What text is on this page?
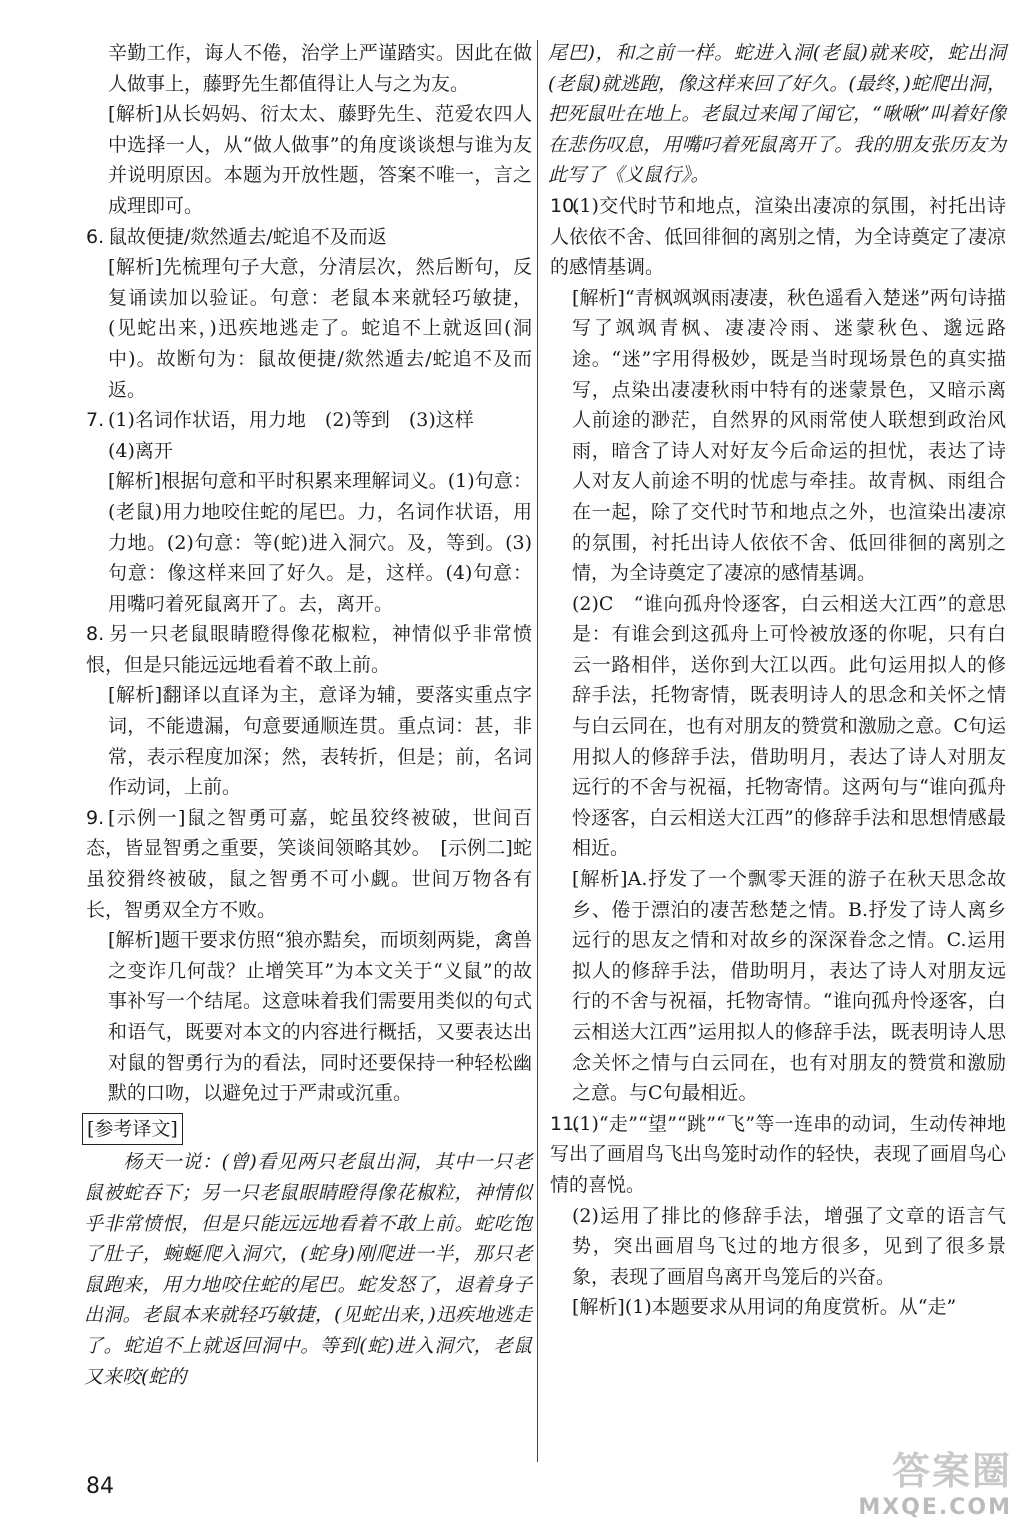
辛勤工作，诲人不倦，治学上严谨踏实。因此在做人做事上，藤野先生都值得让人与之为友。

[解析]从长妈妈、衍太太、藤野先生、范爱农四人中选择一人，从“做人做事”的角度谈谈想与谁为友并说明原因。本题为开放性题，答案不唯一，言之成理即可。

6. 鼠故便捷/欻然遁去/蛇追不及而返

[解析]先梳理句子大意，分清层次，然后断句，反复诵读加以验证。句意：老鼠本来就轻巧敏捷，(见蛇出来，)迅疾地逃走了。蛇追不上就返回(洞中)。故断句为：鼠故便捷/欻然遁去/蛇追不及而返。

7. (1)名词作状语，用力地　(2)等到　(3)这样

(4)离开

[解析]根据句意和平时积累来理解词义。(1)句意：(老鼠)用力地咬住蛇的尾巴。力，名词作状语，用力地。(2)句意：等(蛇)进入洞穴。及，等到。(3)句意：像这样来回了好久。是，这样。(4)句意：用嘴叼着死鼠离开了。去，离开。

8. 另一只老鼠眼睛瞪得像花椒粒，神情似乎非常愤恨，但是只能远远地看着不敢上前。

[解析]翻译以直译为主，意译为辅，要落实重点字词，不能遗漏，句意要通顺连贯。重点词：甚，非常，表示程度加深；然，表转折，但是；前，名词作动词，上前。

9. [示例一]鼠之智勇可嘉，蛇虽狡终被破，世间百态，皆显智勇之重要，笑谈间领略其妙。　[示例二]蛇虽狡猾终被破，鼠之智勇不可小觑。世间万物各有长，智勇双全方不败。

[解析]题干要求仿照“狼亦黠矣，而顷刻两毙，禽兽之变诈几何哉？止增笑耳”为本文关于“义鼠”的故事补写一个结尾。这意味着我们需要用类似的句式和语气，既要对本文的内容进行概括，又要表达出对鼠的智勇行为的看法，同时还要保持一种轻松幽默的口吻，以避免过于严肃或沉重。

[参考译文]

　　杨天一说：(曾)看见两只老鼠出洞，其中一只老鼠被蛇吞下；另一只老鼠眼睛瞪得像花椒粒，神情似乎非常愤恨，但是只能远远地看着不敢上前。蛇吃饱了肚子，蜿蜒爬入洞穴，(蛇身)刚爬进一半，那只老鼠跑来，用力地咬住蛇的尾巴。蛇发怒了，退着身子出洞。老鼠本来就轻巧敏捷，(见蛇出来，)迅疾地逃走了。蛇追不上就返回洞中。等到(蛇)进入洞穴，老鼠又来咬(蛇的

尾巴)，和之前一样。蛇进入洞(老鼠)就来咬，蛇出洞(老鼠)就逃跑，像这样来回了好久。(最终，)蛇爬出洞，把死鼠吐在地上。老鼠过来闻了闻它，“啾啾”叫着好像在悲伤叹息，用嘴叼着死鼠离开了。我的朋友张历友为此写了《义鼠行》。

10.(1)交代时节和地点，渲染出凄凉的氛围，衬托出诗人依依不舍、低回徘徊的离别之情，为全诗奠定了凄凉的感情基调。

[解析]“青枫飒飒雨凄凄，秋色遥看入楚迷”两句诗描写了飒飒青枫、凄凄冷雨、迷蒙秋色、邈远路途。“迷”字用得极妙，既是当时现场景色的真实描写，点染出凄凄秋雨中特有的迷蒙景色，又暗示离人前途的渺茫，自然界的风雨常使人联想到政治风雨，暗含了诗人对好友今后命运的担忧，表达了诗人对友人前途不明的忧虑与牵挂。故青枫、雨组合在一起，除了交代时节和地点之外，也渲染出凄凉的氛围，衬托出诗人依依不舍、低回徘徊的离别之情，为全诗奠定了凄凉的感情基调。

(2)C　“谁向孤舟怜逐客，白云相送大江西”的意思是：有谁会到这孤舟上可怜被放逐的你呢，只有白云一路相伴，送你到大江以西。此句运用拟人的修辞手法，托物寄情，既表明诗人的思念和关怀之情与白云同在，也有对朋友的赞赏和激励之意。C句运用拟人的修辞手法，借助明月，表达了诗人对朋友远行的不舍与祝福，托物寄情。这两句与“谁向孤舟怜逐客，白云相送大江西”的修辞手法和思想情感最相近。

[解析]A.抒发了一个飘零天涯的游子在秋天思念故乡、倦于漂泊的凄苦愁楚之情。B.抒发了诗人离乡远行的思友之情和对故乡的深深眷念之情。C.运用拟人的修辞手法，借助明月，表达了诗人对朋友远行的不舍与祝福，托物寄情。“谁向孤舟怜逐客，白云相送大江西”运用拟人的修辞手法，既表明诗人思念关怀之情与白云同在，也有对朋友的赞赏和激励之意。与C句最相近。

11.(1)“走”“望”“跳”“飞”等一连串的动词，生动传神地写出了画眉鸟飞出鸟笼时动作的轻快，表现了画眉鸟心情的喜悦。

(2)运用了排比的修辞手法，增强了文章的语言气势，突出画眉鸟飞过的地方很多，见到了很多景象，表现了画眉鸟离开鸟笼后的兴奋。

[解析](1)本题要求从用词的角度赏析。从“走”

84	答案圈
MXQE.COM
